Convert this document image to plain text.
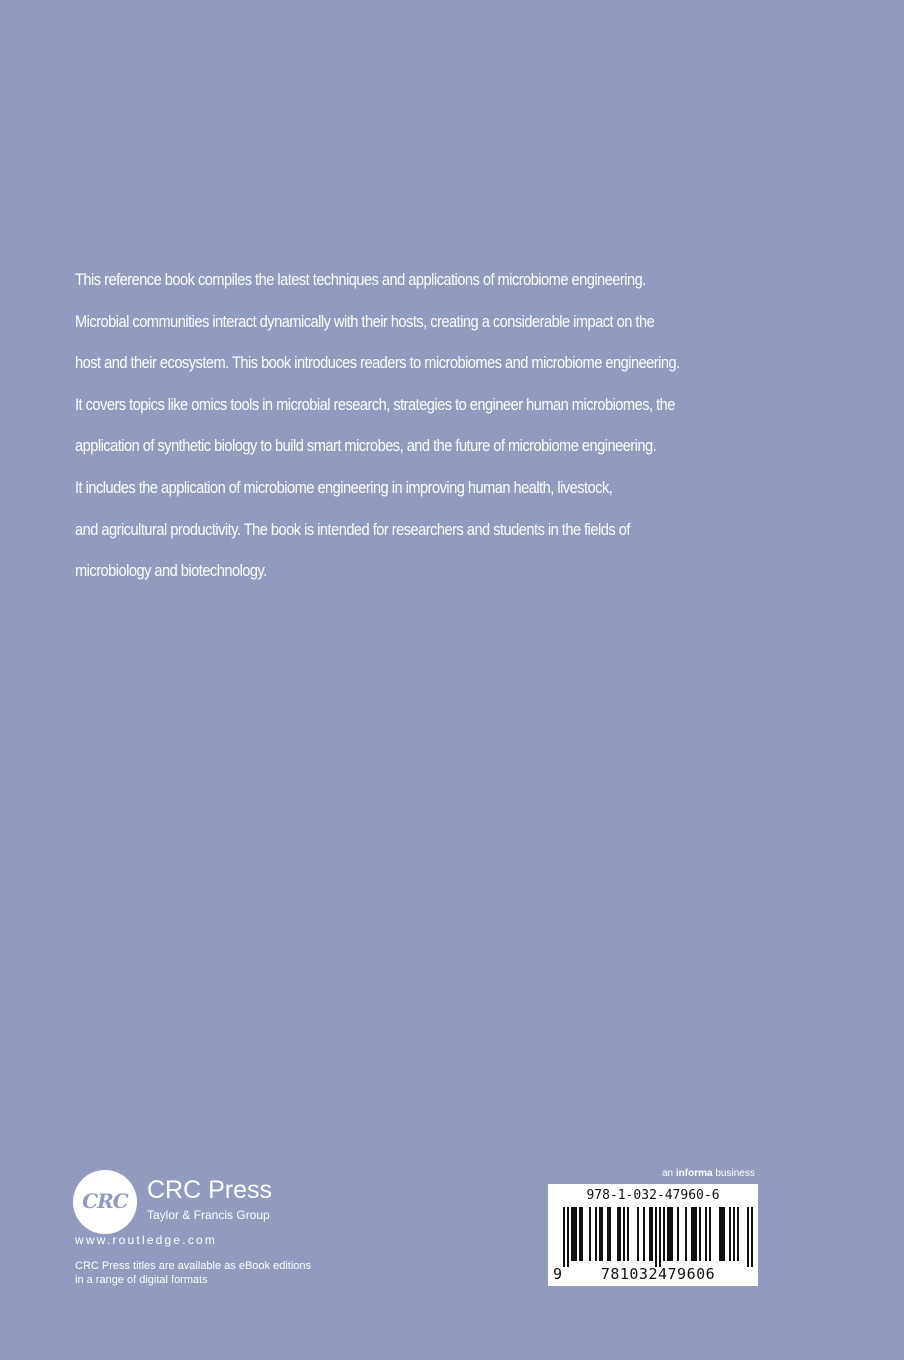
This reference book compiles the latest techniques and applications of microbiome engineering.
Microbial communities interact dynamically with their hosts, creating a considerable impact on the
host and their ecosystem. This book introduces readers to microbiomes and microbiome engineering.
It covers topics like omics tools in microbial research, strategies to engineer human microbiomes, the
application of synthetic biology to build smart microbes, and the future of microbiome engineering.
It includes the application of microbiome engineering in improving human health, livestock,
and agricultural productivity. The book is intended for researchers and students in the fields of
microbiology and biotechnology.
CRC CRC Press
Taylor & Francis Group
www.routledge.com
CRC Press titles are available as eBook editions
in a range of digital formats
an informa business
978-1-032-47960-6
9	781032479606
